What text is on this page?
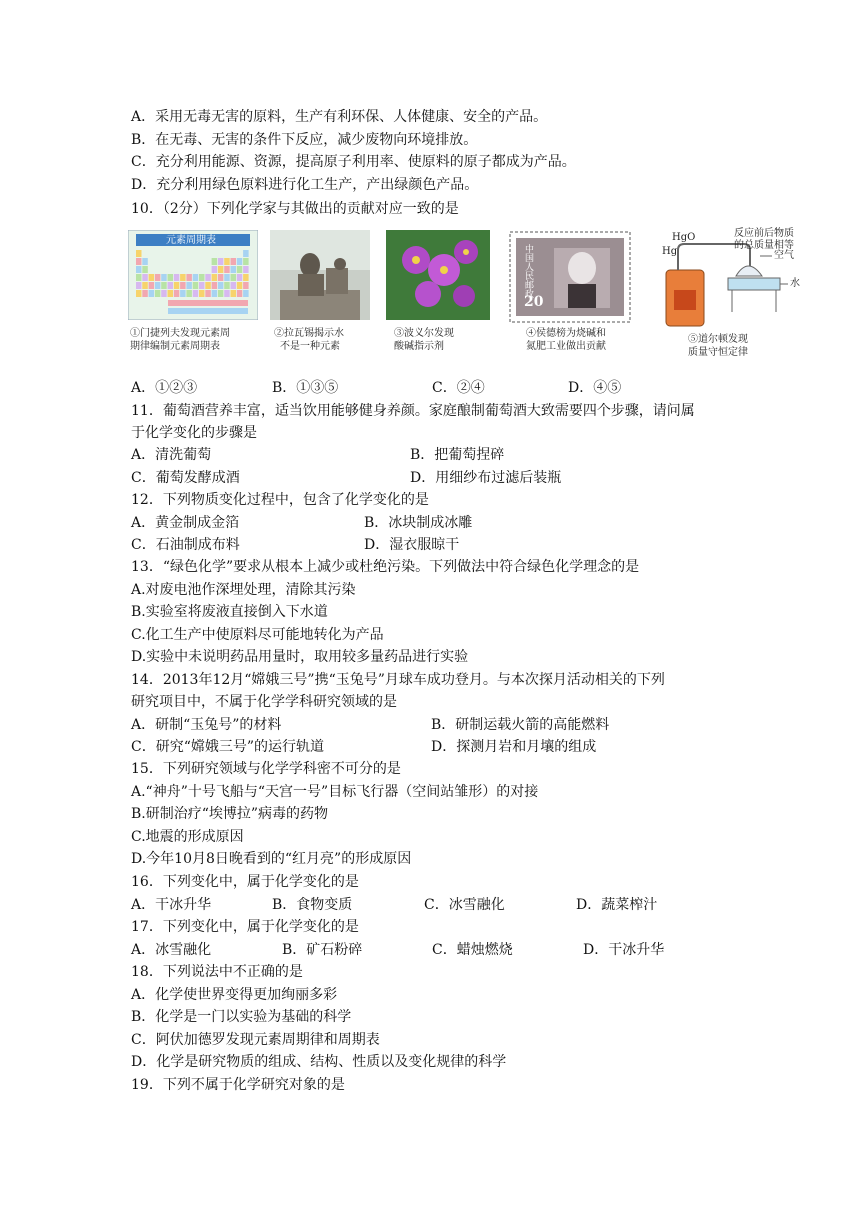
A．采用无毒无害的原料，生产有利环保、人体健康、安全的产品。
B．在无毒、无害的条件下反应，减少废物向环境排放。
C．充分利用能源、资源，提高原子利用率、使原料的原子都成为产品。
D．充分利用绿色原料进行化工生产，产出绿颜色产品。
10．（2分）下列化学家与其做出的贡献对应一致的是
元素周期表
①门捷列夫发现元素周
期律编制元素周期表
②拉瓦锡揭示水
不是一种元素
③波义尔发现
酸碱指示剂
中国人民邮政
20
④侯德榜为烧碱和
氮肥工业做出贡献
HgO
Hg
反应前后物质
的总质量相等
空气
水
⑤道尔顿发现
质量守恒定律
A．①②③	B．①③⑤	C．②④	D．④⑤
11．葡萄酒营养丰富，适当饮用能够健身养颜。家庭酿制葡萄酒大致需要四个步骤，请问属
于化学变化的步骤是
A．清洗葡萄	B．把葡萄捏碎
C．葡萄发酵成酒	D．用细纱布过滤后装瓶
12．下列物质变化过程中，包含了化学变化的是
A．黄金制成金箔	B．冰块制成冰雕
C．石油制成布料	D．湿衣服晾干
13．“绿色化学”要求从根本上减少或杜绝污染。下列做法中符合绿色化学理念的是
A.对废电池作深埋处理，清除其污染
B.实验室将废液直接倒入下水道
C.化工生产中使原料尽可能地转化为产品
D.实验中未说明药品用量时，取用较多量药品进行实验
14．2013年12月“嫦娥三号”携“玉兔号”月球车成功登月。与本次探月活动相关的下列
研究项目中，不属于化学学科研究领域的是
A．研制“玉兔号”的材料	B．研制运载火箭的高能燃料
C．研究“嫦娥三号”的运行轨道	D．探测月岩和月壤的组成
15．下列研究领域与化学学科密不可分的是
A.“神舟”十号飞船与“天宫一号”目标飞行器（空间站雏形）的对接
B.研制治疗“埃博拉”病毒的药物
C.地震的形成原因
D.今年10月8日晚看到的“红月亮”的形成原因
16．下列变化中，属于化学变化的是
A．干冰升华	B．食物变质	C．冰雪融化	D．蔬菜榨汁
17．下列变化中，属于化学变化的是
A．冰雪融化	B．矿石粉碎	C．蜡烛燃烧	D．干冰升华
18．下列说法中不正确的是
A．化学使世界变得更加绚丽多彩
B．化学是一门以实验为基础的科学
C．阿伏加德罗发现元素周期律和周期表
D．化学是研究物质的组成、结构、性质以及变化规律的科学
19．下列不属于化学研究对象的是
